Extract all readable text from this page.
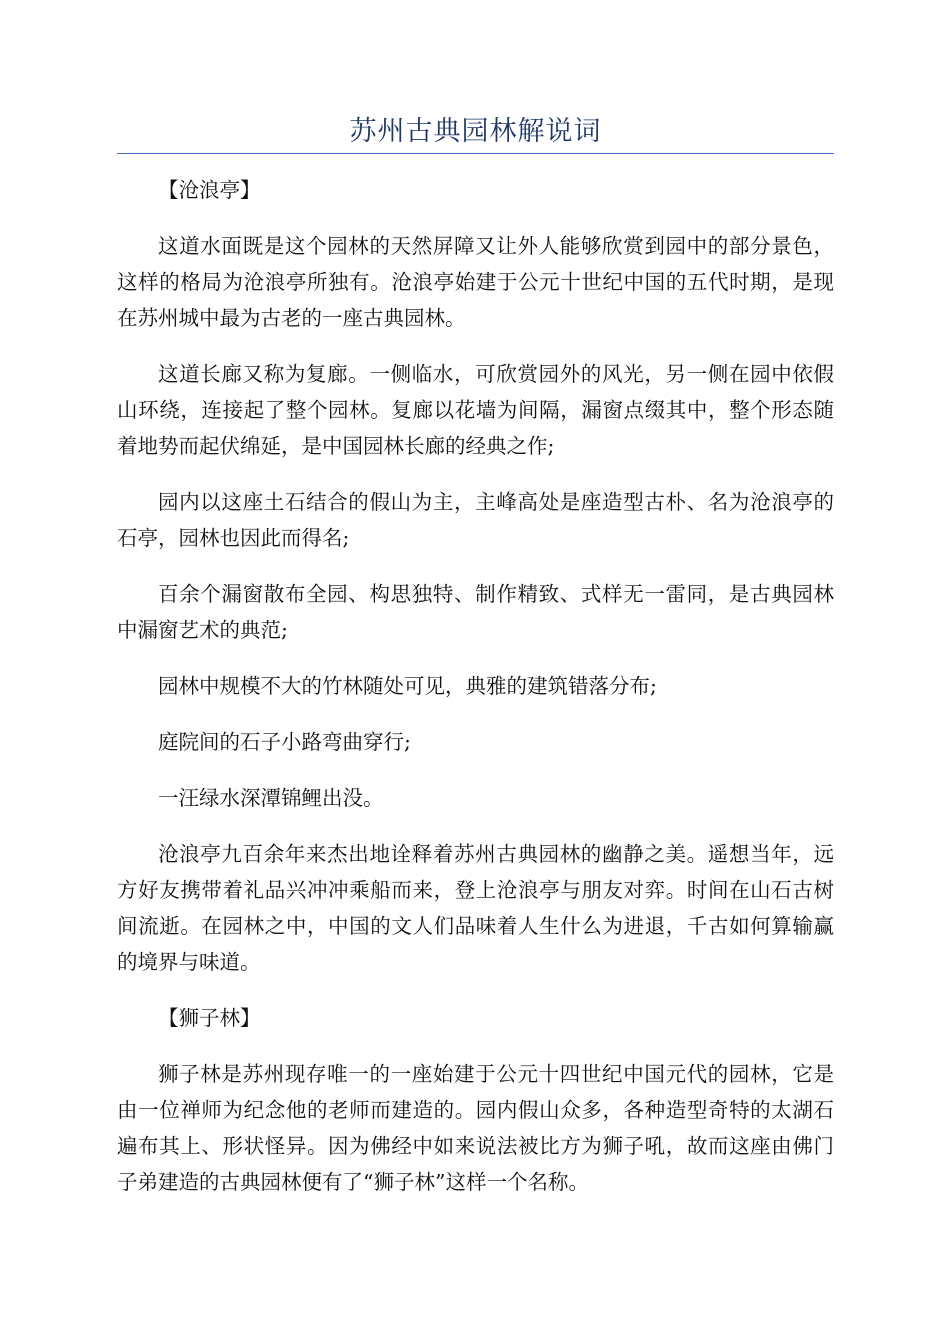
苏州古典园林解说词
【沧浪亭】

这道水面既是这个园林的天然屏障又让外人能够欣赏到园中的部分景色，这样的格局为沧浪亭所独有。沧浪亭始建于公元十世纪中国的五代时期，是现在苏州城中最为古老的一座古典园林。

这道长廊又称为复廊。一侧临水，可欣赏园外的风光，另一侧在园中依假山环绕，连接起了整个园林。复廊以花墙为间隔，漏窗点缀其中，整个形态随着地势而起伏绵延，是中国园林长廊的经典之作;

园内以这座土石结合的假山为主，主峰高处是座造型古朴、名为沧浪亭的石亭，园林也因此而得名;

百余个漏窗散布全园、构思独特、制作精致、式样无一雷同，是古典园林中漏窗艺术的典范;

园林中规模不大的竹林随处可见，典雅的建筑错落分布;

庭院间的石子小路弯曲穿行;

一汪绿水深潭锦鲤出没。

沧浪亭九百余年来杰出地诠释着苏州古典园林的幽静之美。遥想当年，远方好友携带着礼品兴冲冲乘船而来，登上沧浪亭与朋友对弈。时间在山石古树间流逝。在园林之中，中国的文人们品味着人生什么为进退，千古如何算输赢的境界与味道。

【狮子林】

狮子林是苏州现存唯一的一座始建于公元十四世纪中国元代的园林，它是由一位禅师为纪念他的老师而建造的。园内假山众多，各种造型奇特的太湖石遍布其上、形状怪异。因为佛经中如来说法被比方为狮子吼，故而这座由佛门子弟建造的古典园林便有了“狮子林”这样一个名称。
